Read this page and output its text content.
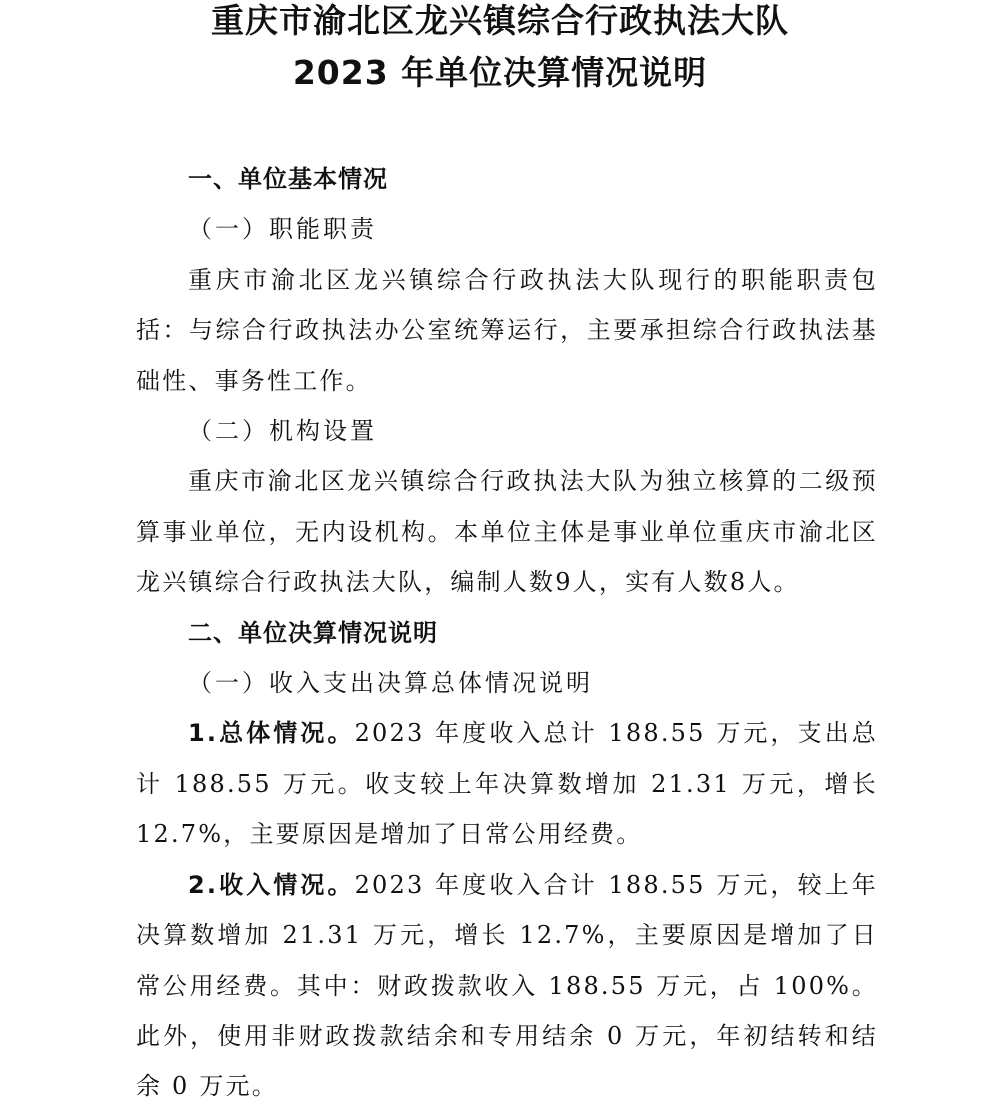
重庆市渝北区龙兴镇综合行政执法大队
2023 年单位决算情况说明
一、单位基本情况
（一）职能职责
重庆市渝北区龙兴镇综合行政执法大队现行的职能职责包括：与综合行政执法办公室统筹运行，主要承担综合行政执法基础性、事务性工作。
（二）机构设置
重庆市渝北区龙兴镇综合行政执法大队为独立核算的二级预算事业单位，无内设机构。本单位主体是事业单位重庆市渝北区龙兴镇综合行政执法大队，编制人数9人，实有人数8人。
二、单位决算情况说明
（一）收入支出决算总体情况说明
1.总体情况。2023 年度收入总计 188.55 万元，支出总计 188.55 万元。收支较上年决算数增加 21.31 万元，增长 12.7%，主要原因是增加了日常公用经费。
2.收入情况。2023 年度收入合计 188.55 万元，较上年决算数增加 21.31 万元，增长 12.7%，主要原因是增加了日常公用经费。其中：财政拨款收入 188.55 万元，占 100%。此外，使用非财政拨款结余和专用结余 0 万元，年初结转和结余 0 万元。
